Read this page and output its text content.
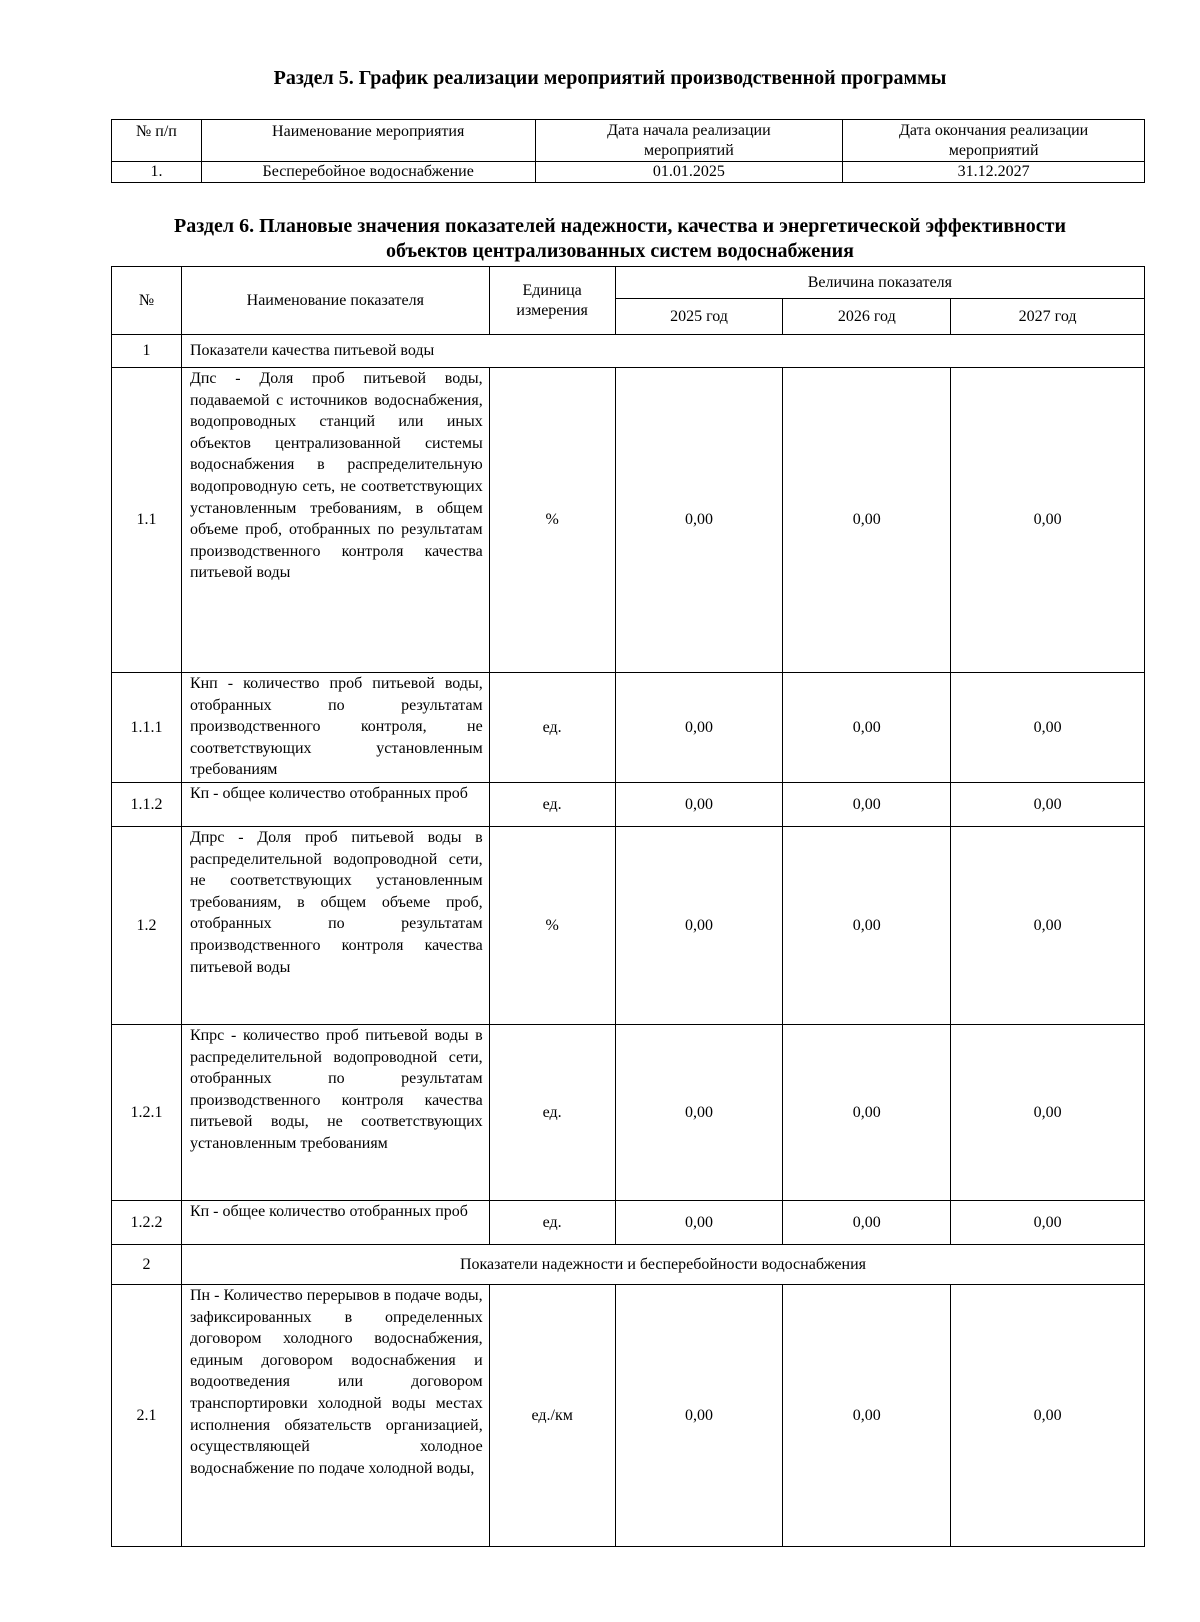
Раздел 5. График реализации мероприятий производственной программы
№ п/п	Наименование мероприятия	Дата начала реализации мероприятий	Дата окончания реализации мероприятий
1.	Бесперебойное водоснабжение	01.01.2025	31.12.2027
Раздел 6. Плановые значения показателей надежности, качества и энергетической эффективности объектов централизованных систем водоснабжения
№	Наименование показателя	Единица измерения	Величина показателя		
			2025 год	2026 год	2027 год
1	Показатели качества питьевой воды				
1.1	Дпс - Доля проб питьевой воды, подаваемой с источников водоснабжения, водопроводных станций или иных объектов централизованной системы водоснабжения в распределительную водопроводную сеть, не соответствующих установленным требованиям, в общем объеме проб, отобранных по результатам производственного контроля качества питьевой воды	%	0,00	0,00	0,00
1.1.1	Кнп - количество проб питьевой воды, отобранных по результатам производственного контроля, не соответствующих установленным требованиям	ед.	0,00	0,00	0,00
1.1.2	Кп - общее количество отобранных проб	ед.	0,00	0,00	0,00
1.2	Дпрс - Доля проб питьевой воды в распределительной водопроводной сети, не соответствующих установленным требованиям, в общем объеме проб, отобранных по результатам производственного контроля качества питьевой воды	%	0,00	0,00	0,00
1.2.1	Кпрс - количество проб питьевой воды в распределительной водопроводной сети, отобранных по результатам производственного контроля качества питьевой воды, не соответствующих установленным требованиям	ед.	0,00	0,00	0,00
1.2.2	Кп - общее количество отобранных проб	ед.	0,00	0,00	0,00
2	Показатели надежности и бесперебойности водоснабжения				
2.1	Пн - Количество перерывов в подаче воды, зафиксированных в определенных договором холодного водоснабжения, единым договором водоснабжения и водоотведения или договором транспортировки холодной воды местах исполнения обязательств организацией, осуществляющей холодное водоснабжение по подаче холодной воды,	ед./км	0,00	0,00	0,00
